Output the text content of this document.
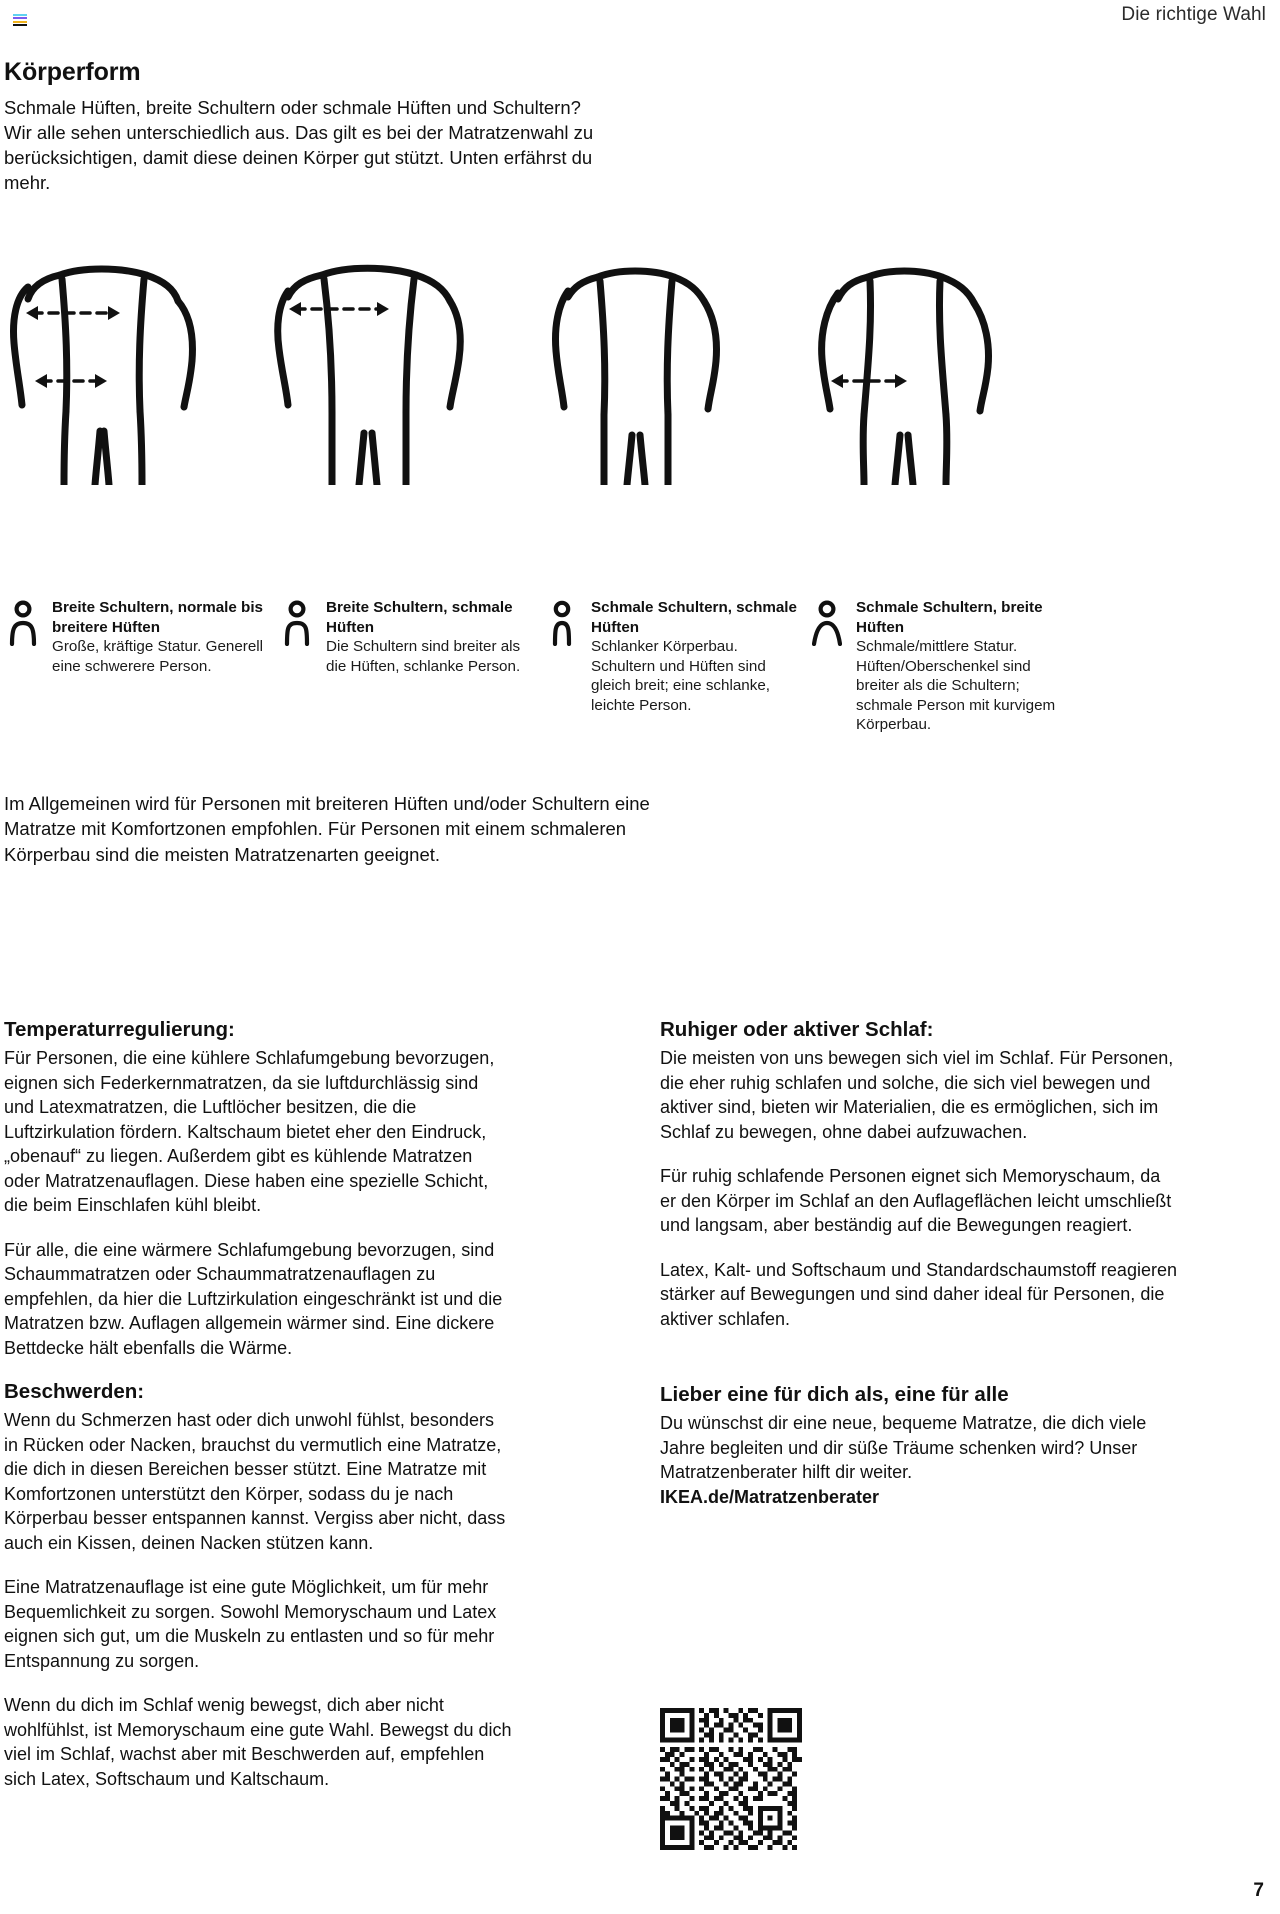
Die richtige Wahl
Körperform

Schmale Hüften, breite Schultern oder schmale Hüften und Schultern? Wir alle sehen unterschiedlich aus. Das gilt es bei der Matratzenwahl zu berücksichtigen, damit diese deinen Körper gut stützt. Unten erfährst du mehr.

Breite Schultern, normale bis breitere Hüften
Große, kräftige Statur. Generell eine schwerere Person.
Breite Schultern, schmale Hüften
Die Schultern sind breiter als die Hüften, schlanke Person.
Schmale Schultern, schmale Hüften
Schlanker Körperbau. Schultern und Hüften sind gleich breit; eine schlanke, leichte Person.
Schmale Schultern, breite Hüften
Schmale/mittlere Statur. Hüften/Oberschenkel sind breiter als die Schultern; schmale Person mit kurvigem Körperbau.

Im Allgemeinen wird für Personen mit breiteren Hüften und/oder Schultern eine Matratze mit Komfortzonen empfohlen. Für Personen mit einem schmaleren Körperbau sind die meisten Matratzenarten geeignet.

Temperaturregulierung:

Für Personen, die eine kühlere Schlafumgebung bevorzugen, eignen sich Federkernmatratzen, da sie luftdurchlässig sind und Latexmatratzen, die Luftlöcher besitzen, die die Luftzirkulation fördern. Kaltschaum bietet eher den Eindruck, „obenauf“ zu liegen. Außerdem gibt es kühlende Matratzen oder Matratzenauflagen. Diese haben eine spezielle Schicht, die beim Einschlafen kühl bleibt.

Für alle, die eine wärmere Schlafumgebung bevorzugen, sind Schaummatratzen oder Schaummatratzenauflagen zu empfehlen, da hier die Luftzirkulation eingeschränkt ist und die Matratzen bzw. Auflagen allgemein wärmer sind. Eine dickere Bettdecke hält ebenfalls die Wärme.

Beschwerden:

Wenn du Schmerzen hast oder dich unwohl fühlst, besonders in Rücken oder Nacken, brauchst du vermutlich eine Matratze, die dich in diesen Bereichen besser stützt. Eine Matratze mit Komfortzonen unterstützt den Körper, sodass du je nach Körperbau besser entspannen kannst. Vergiss aber nicht, dass auch ein Kissen, deinen Nacken stützen kann.

Eine Matratzenauflage ist eine gute Möglichkeit, um für mehr Bequemlichkeit zu sorgen. Sowohl Memoryschaum und Latex eignen sich gut, um die Muskeln zu entlasten und so für mehr Entspannung zu sorgen.

Wenn du dich im Schlaf wenig bewegst, dich aber nicht wohlfühlst, ist Memoryschaum eine gute Wahl. Bewegst du dich viel im Schlaf, wachst aber mit Beschwerden auf, empfehlen sich Latex, Softschaum und Kaltschaum.

Ruhiger oder aktiver Schlaf:

Die meisten von uns bewegen sich viel im Schlaf. Für Personen, die eher ruhig schlafen und solche, die sich viel bewegen und aktiver sind, bieten wir Materialien, die es ermöglichen, sich im Schlaf zu bewegen, ohne dabei aufzuwachen.

Für ruhig schlafende Personen eignet sich Memoryschaum, da er den Körper im Schlaf an den Auflageflächen leicht umschließt und langsam, aber beständig auf die Bewegungen reagiert.

Latex, Kalt- und Softschaum und Standardschaumstoff reagieren stärker auf Bewegungen und sind daher ideal für Personen, die aktiver schlafen.

Lieber eine für dich als, eine für alle

Du wünschst dir eine neue, bequeme Matratze, die dich viele Jahre begleiten und dir süße Träume schenken wird? Unser Matratzenberater hilft dir weiter.

IKEA.de/Matratzenberater
7
